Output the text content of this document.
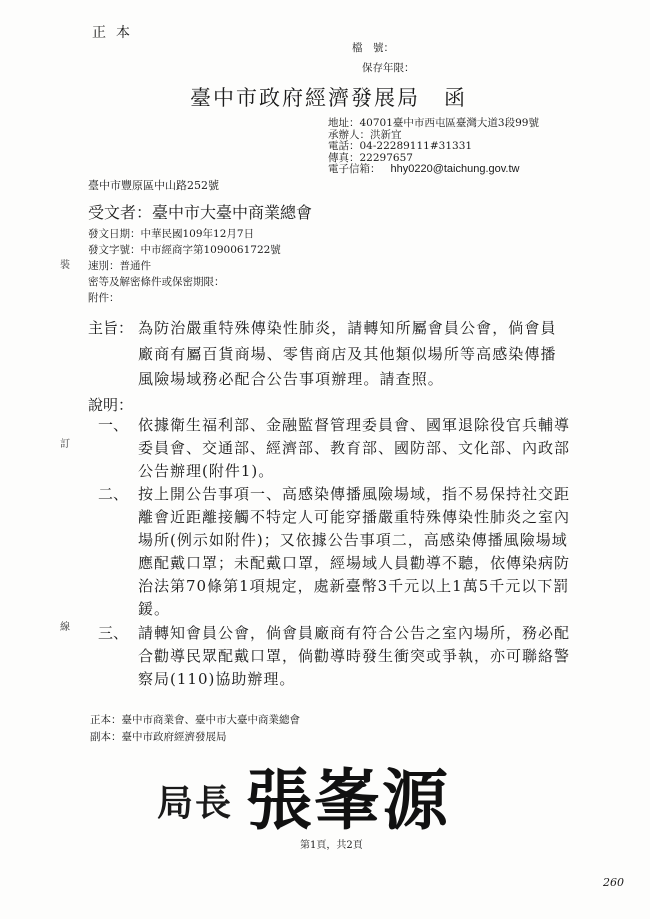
正本
檔　號：
保存年限：
臺中市政府經濟發展局 函
地址：40701臺中市西屯區臺灣大道3段99號
承辦人：洪新宜
電話：04-22289111#31331
傳真：22297657
電子信箱： hhy0220@taichung.gov.tw
臺中市豐原區中山路252號
受文者：臺中市大臺中商業總會
發文日期：中華民國109年12月7日
發文字號：中市經商字第1090061722號
速別：普通件
密等及解密條件或保密期限：
附件：
裝
訂
線
主旨： 為防治嚴重特殊傳染性肺炎，請轉知所屬會員公會，倘會員廠商有屬百貨商場、零售商店及其他類似場所等高感染傳播風險場域務必配合公告事項辦理。請查照。
說明：
一、 依據衛生福利部、金融監督管理委員會、國軍退除役官兵輔導委員會、交通部、經濟部、教育部、國防部、文化部、內政部公告辦理(附件1)。
二、 按上開公告事項一、高感染傳播風險場域，指不易保持社交距離會近距離接觸不特定人可能穿播嚴重特殊傳染性肺炎之室內場所(例示如附件)；又依據公告事項二，高感染傳播風險場域應配戴口罩；未配戴口罩，經場域人員勸導不聽，依傳染病防治法第70條第1項規定，處新臺幣3千元以上1萬5千元以下罰鍰。
三、 請轉知會員公會，倘會員廠商有符合公告之室內場所，務必配合勸導民眾配戴口罩，倘勸導時發生衝突或爭執，亦可聯絡警察局(110)協助辦理。
正本：臺中市商業會、臺中市大臺中商業總會
副本：臺中市政府經濟發展局
局長 張峯源
第1頁，共2頁
260
